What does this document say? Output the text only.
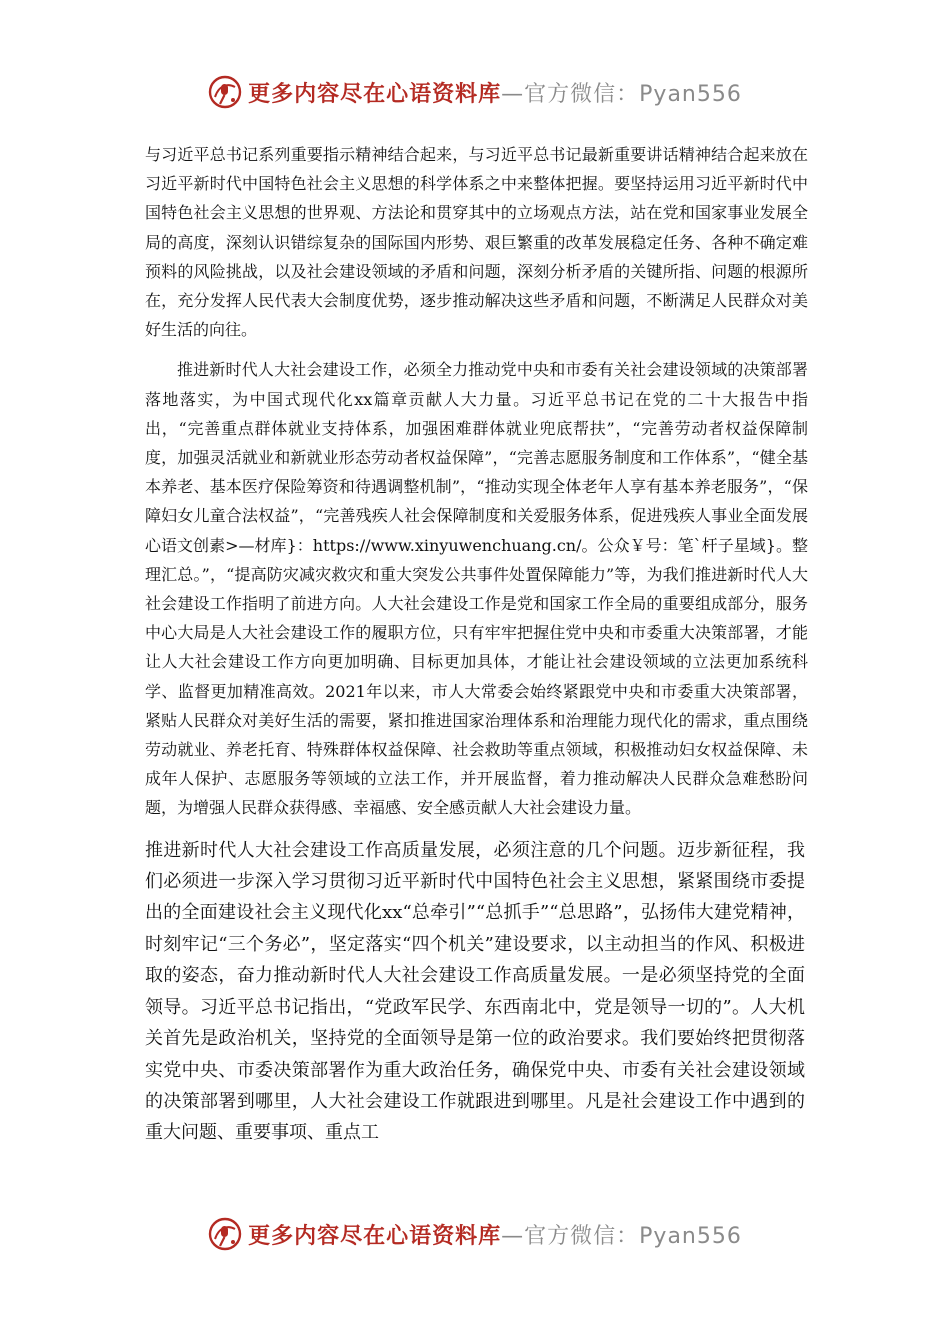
更多内容尽在心语资料库—官方微信：Pyan556

与习近平总书记系列重要指示精神结合起来，与习近平总书记最新重要讲话精神结合起来放在习近平新时代中国特色社会主义思想的科学体系之中来整体把握。要坚持运用习近平新时代中国特色社会主义思想的世界观、方法论和贯穿其中的立场观点方法，站在党和国家事业发展全局的高度，深刻认识错综复杂的国际国内形势、艰巨繁重的改革发展稳定任务、各种不确定难预料的风险挑战，以及社会建设领域的矛盾和问题，深刻分析矛盾的关键所指、问题的根源所在，充分发挥人民代表大会制度优势，逐步推动解决这些矛盾和问题，不断满足人民群众对美好生活的向往。

推进新时代人大社会建设工作，必须全力推动党中央和市委有关社会建设领域的决策部署落地落实，为中国式现代化xx篇章贡献人大力量。习近平总书记在党的二十大报告中指出，“完善重点群体就业支持体系，加强困难群体就业兜底帮扶”，“完善劳动者权益保障制度，加强灵活就业和新就业形态劳动者权益保障”，“完善志愿服务制度和工作体系”，“健全基本养老、基本医疗保险筹资和待遇调整机制”，“推动实现全体老年人享有基本养老服务”，“保障妇女儿童合法权益”，“完善残疾人社会保障制度和关爱服务体系，促进残疾人事业全面发展心语文创素>—材库}：https://www.xinyuwenchuang.cn/。公众￥号：笔`杆子星域}。整理汇总。”，“提高防灾减灾救灾和重大突发公共事件处置保障能力”等，为我们推进新时代人大社会建设工作指明了前进方向。人大社会建设工作是党和国家工作全局的重要组成部分，服务中心大局是人大社会建设工作的履职方位，只有牢牢把握住党中央和市委重大决策部署，才能让人大社会建设工作方向更加明确、目标更加具体，才能让社会建设领域的立法更加系统科学、监督更加精准高效。2021年以来，市人大常委会始终紧跟党中央和市委重大决策部署，紧贴人民群众对美好生活的需要，紧扣推进国家治理体系和治理能力现代化的需求，重点围绕劳动就业、养老托育、特殊群体权益保障、社会救助等重点领域，积极推动妇女权益保障、未成年人保护、志愿服务等领域的立法工作，并开展监督，着力推动解决人民群众急难愁盼问题，为增强人民群众获得感、幸福感、安全感贡献人大社会建设力量。

推进新时代人大社会建设工作高质量发展，必须注意的几个问题。迈步新征程，我们必须进一步深入学习贯彻习近平新时代中国特色社会主义思想，紧紧围绕市委提出的全面建设社会主义现代化xx“总牵引”“总抓手”“总思路”，弘扬伟大建党精神，时刻牢记“三个务必”，坚定落实“四个机关”建设要求，以主动担当的作风、积极进取的姿态，奋力推动新时代人大社会建设工作高质量发展。一是必须坚持党的全面领导。习近平总书记指出，“党政军民学、东西南北中，党是领导一切的”。人大机关首先是政治机关，坚持党的全面领导是第一位的政治要求。我们要始终把贯彻落实党中央、市委决策部署作为重大政治任务，确保党中央、市委有关社会建设领域的决策部署到哪里，人大社会建设工作就跟进到哪里。凡是社会建设工作中遇到的重大问题、重要事项、重点工

更多内容尽在心语资料库—官方微信：Pyan556
